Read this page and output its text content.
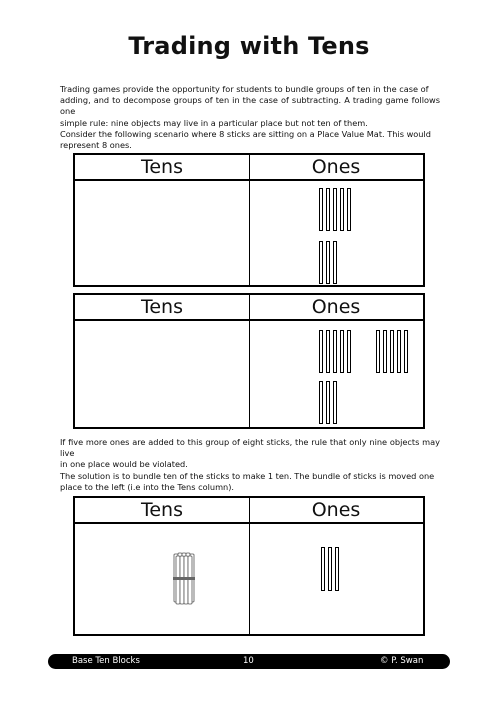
Trading with Tens

Trading games provide the opportunity for students to bundle groups of ten in the case of
adding, and to decompose groups of ten in the case of subtracting. A trading game follows one
simple rule: nine objects may live in a particular place but not ten of them.
Consider the following scenario where 8 sticks are sitting on a Place Value Mat. This would
represent 8 ones.

Tens	Ones
Tens	Ones

If five more ones are added to this group of eight sticks, the rule that only nine objects may live
in one place would be violated.
The solution is to bundle ten of the sticks to make 1 ten. The bundle of sticks is moved one
place to the left (i.e into the Tens column).

Tens	Ones
Base Ten Blocks	10	© P. Swan
